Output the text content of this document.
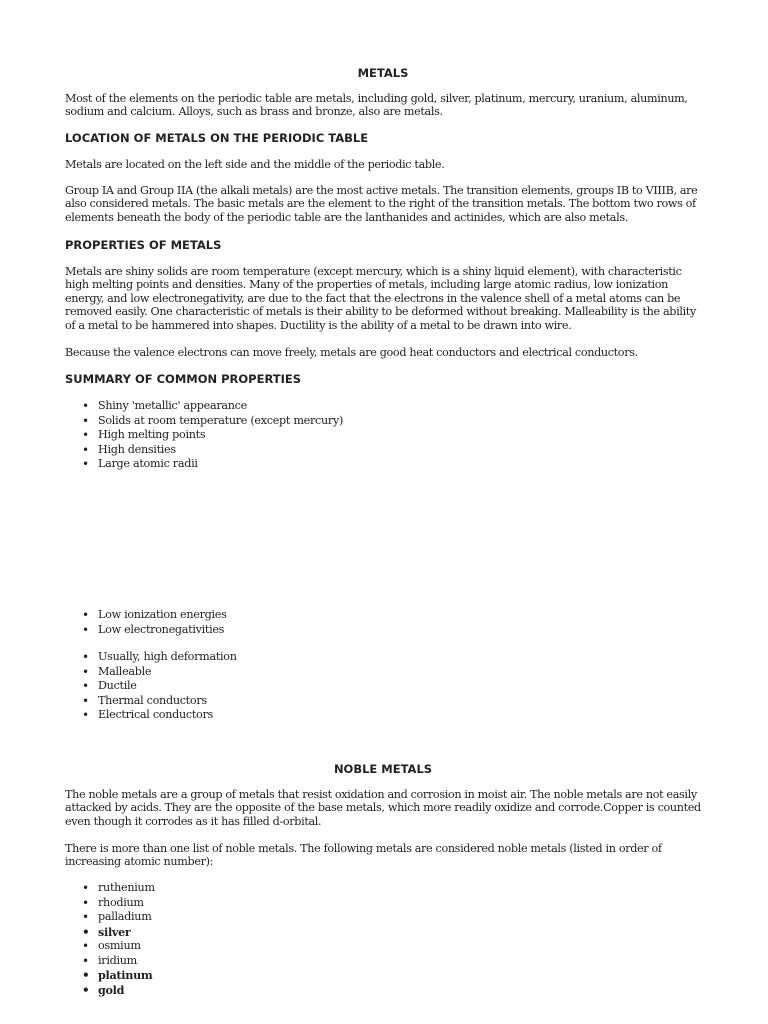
METALS
Most of the elements on the periodic table are metals, including gold, silver, platinum, mercury, uranium, aluminum, sodium and calcium. Alloys, such as brass and bronze, also are metals.
LOCATION OF METALS ON THE PERIODIC TABLE
Metals are located on the left side and the middle of the periodic table.
Group IA and Group IIA (the alkali metals) are the most active metals. The transition elements, groups IB to VIIIB, are also considered metals. The basic metals are the element to the right of the transition metals. The bottom two rows of elements beneath the body of the periodic table are the lanthanides and actinides, which are also metals.
PROPERTIES OF METALS
Metals are shiny solids are room temperature (except mercury, which is a shiny liquid element), with characteristic high melting points and densities. Many of the properties of metals, including large atomic radius, low ionization energy, and low electronegativity, are due to the fact that the electrons in the valence shell of a metal atoms can be removed easily. One characteristic of metals is their ability to be deformed without breaking. Malleability is the ability of a metal to be hammered into shapes. Ductility is the ability of a metal to be drawn into wire.
Because the valence electrons can move freely, metals are good heat conductors and electrical conductors.
SUMMARY OF COMMON PROPERTIES
• Shiny 'metallic' appearance
• Solids at room temperature (except mercury)
• High melting points
• High densities
• Large atomic radii
• Low ionization energies
• Low electronegativities
• Usually, high deformation
• Malleable
• Ductile
• Thermal conductors
• Electrical conductors
NOBLE METALS
The noble metals are a group of metals that resist oxidation and corrosion in moist air. The noble metals are not easily attacked by acids. They are the opposite of the base metals, which more readily oxidize and corrode.Copper is counted even though it corrodes as it has filled d-orbital.
There is more than one list of noble metals. The following metals are considered noble metals (listed in order of increasing atomic number):
• ruthenium
• rhodium
• palladium
• silver
• osmium
• iridium
• platinum
• gold
